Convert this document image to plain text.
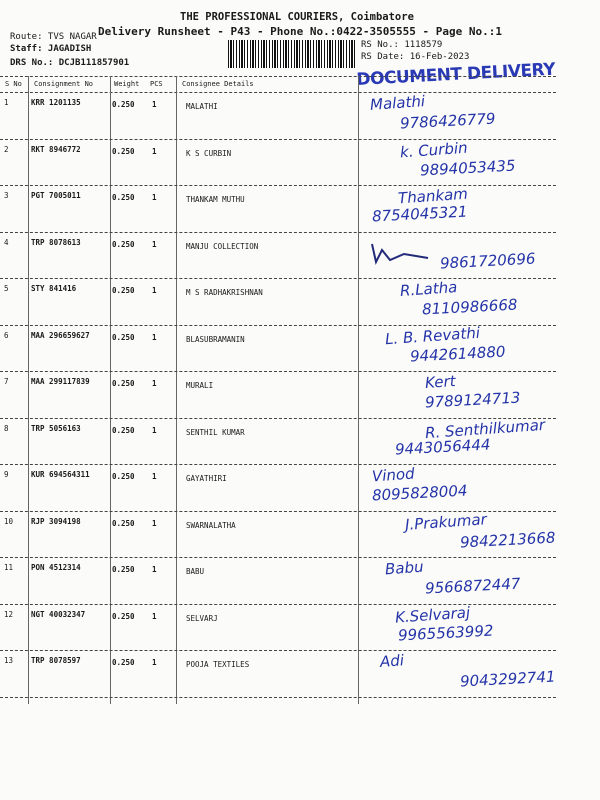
THE PROFESSIONAL COURIERS, Coimbatore
Delivery Runsheet - P43 - Phone No.:0422-3505555 - Page No.:1
Route: TVS NAGAR
Staff: JAGADISH
DRS No.: DCJB111857901
RS No.: 1118579
RS Date: 16-Feb-2023
DOCUMENT DELIVERY
S No Consignment No	Weight PCS	Consignee Details
1	KRR 1201135	0.250 1	MALATHI	Malathi
9786426779
2	RKT 8946772	0.250 1	K S CURBIN	k. Curbin
9894053435
3	PGT 7005011	0.250 1	THANKAM MUTHU	Thankam
8754045321
4	TRP 8078613	0.250 1	MANJU COLLECTION
9861720696
5	STY 841416	0.250 1	M S RADHAKRISHNAN	R.Latha
8110986668
6	MAA 296659627	0.250 1	BLASUBRAMANIN	L. B. Revathi
9442614880
7	MAA 299117839	0.250 1	MURALI	Kert
9789124713
8	TRP 5056163	0.250 1	SENTHIL KUMAR	R. Senthilkumar
9443056444
9	KUR 694564311	0.250 1	GAYATHIRI	Vinod
8095828004
10 RJP 3094198	0.250 1	SWARNALATHA	J.Prakumar
9842213668
11 PON 4512314	0.250 1	BABU	Babu
9566872447
12 NGT 40032347	0.250 1	SELVARJ	K.Selvaraj
9965563992
13 TRP 8078597	0.250 1	POOJA TEXTILES	Adi
9043292741
